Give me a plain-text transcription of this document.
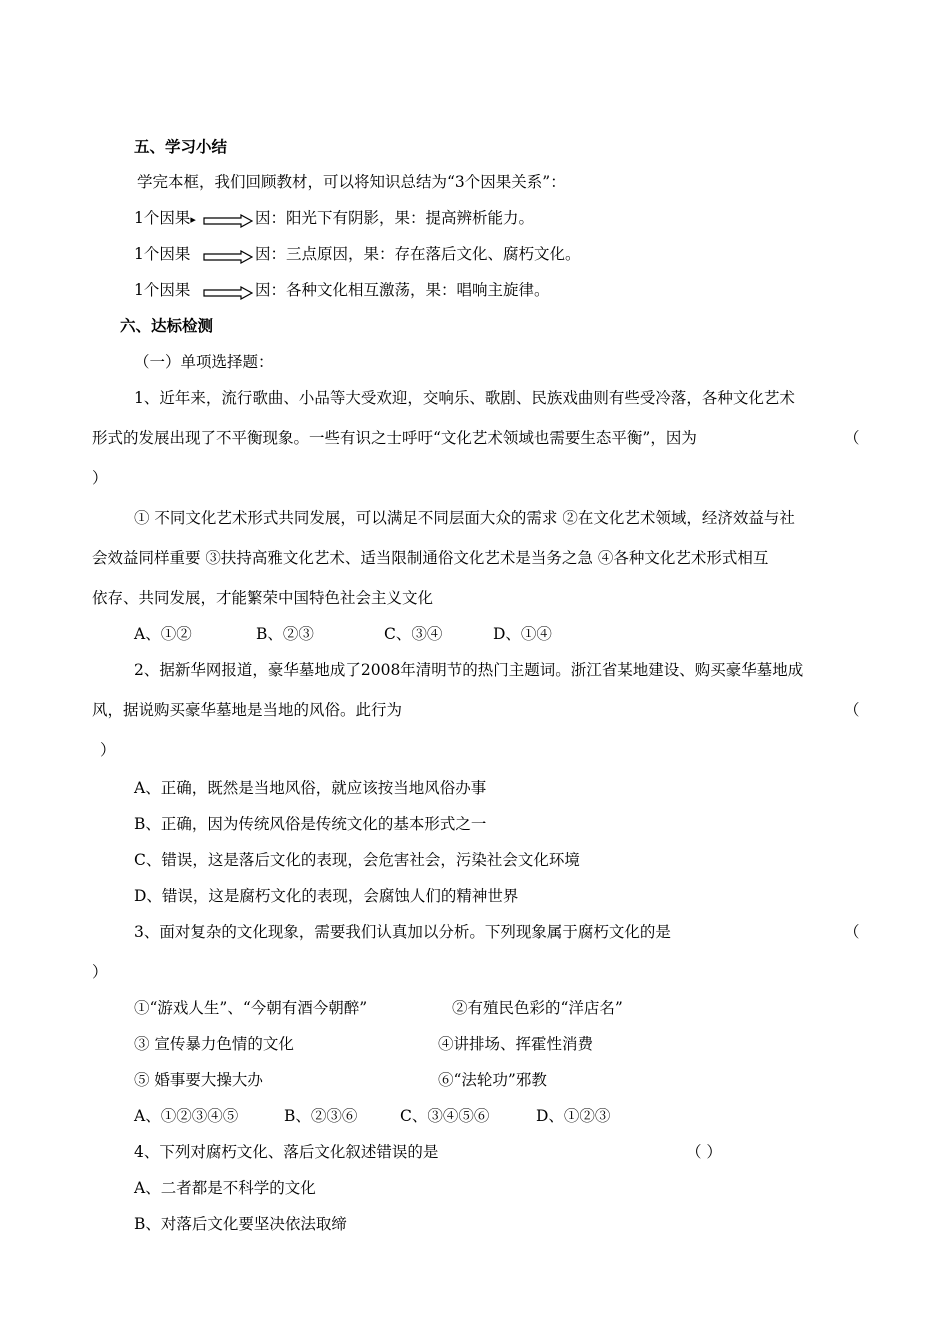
五、学习小结
学完本框，我们回顾教材，可以将知识总结为“3个因果关系”：
1个因果▸	因：阳光下有阴影，果：提高辨析能力。
1个因果	因：三点原因，果：存在落后文化、腐朽文化。
1个因果	因：各种文化相互激荡，果：唱响主旋律。
六、达标检测
（一）单项选择题：
1、近年来，流行歌曲、小品等大受欢迎，交响乐、歌剧、民族戏曲则有些受冷落，各种文化艺术
形式的发展出现了不平衡现象。一些有识之士呼吁“文化艺术领域也需要生态平衡”，因为	（
）
① 不同文化艺术形式共同发展，可以满足不同层面大众的需求 ②在文化艺术领域，经济效益与社
会效益同样重要 ③扶持高雅文化艺术、适当限制通俗文化艺术是当务之急 ④各种文化艺术形式相互
依存、共同发展，才能繁荣中国特色社会主义文化
A、①②	B、②③	C、③④	D、①④
2、据新华网报道，豪华墓地成了2008年清明节的热门主题词。浙江省某地建设、购买豪华墓地成
风，据说购买豪华墓地是当地的风俗。此行为	（
）
A、正确，既然是当地风俗，就应该按当地风俗办事
B、正确，因为传统风俗是传统文化的基本形式之一
C、错误，这是落后文化的表现，会危害社会，污染社会文化环境
D、错误，这是腐朽文化的表现，会腐蚀人们的精神世界
3、面对复杂的文化现象，需要我们认真加以分析。下列现象属于腐朽文化的是	（
）
①“游戏人生”、“今朝有酒今朝醉”	②有殖民色彩的“洋店名”
③ 宣传暴力色情的文化	④讲排场、挥霍性消费
⑤ 婚事要大操大办	⑥“法轮功”邪教
A、①②③④⑤	B、②③⑥	C、③④⑤⑥	D、①②③
4、下列对腐朽文化、落后文化叙述错误的是	（ ）
A、二者都是不科学的文化
B、对落后文化要坚决依法取缔
